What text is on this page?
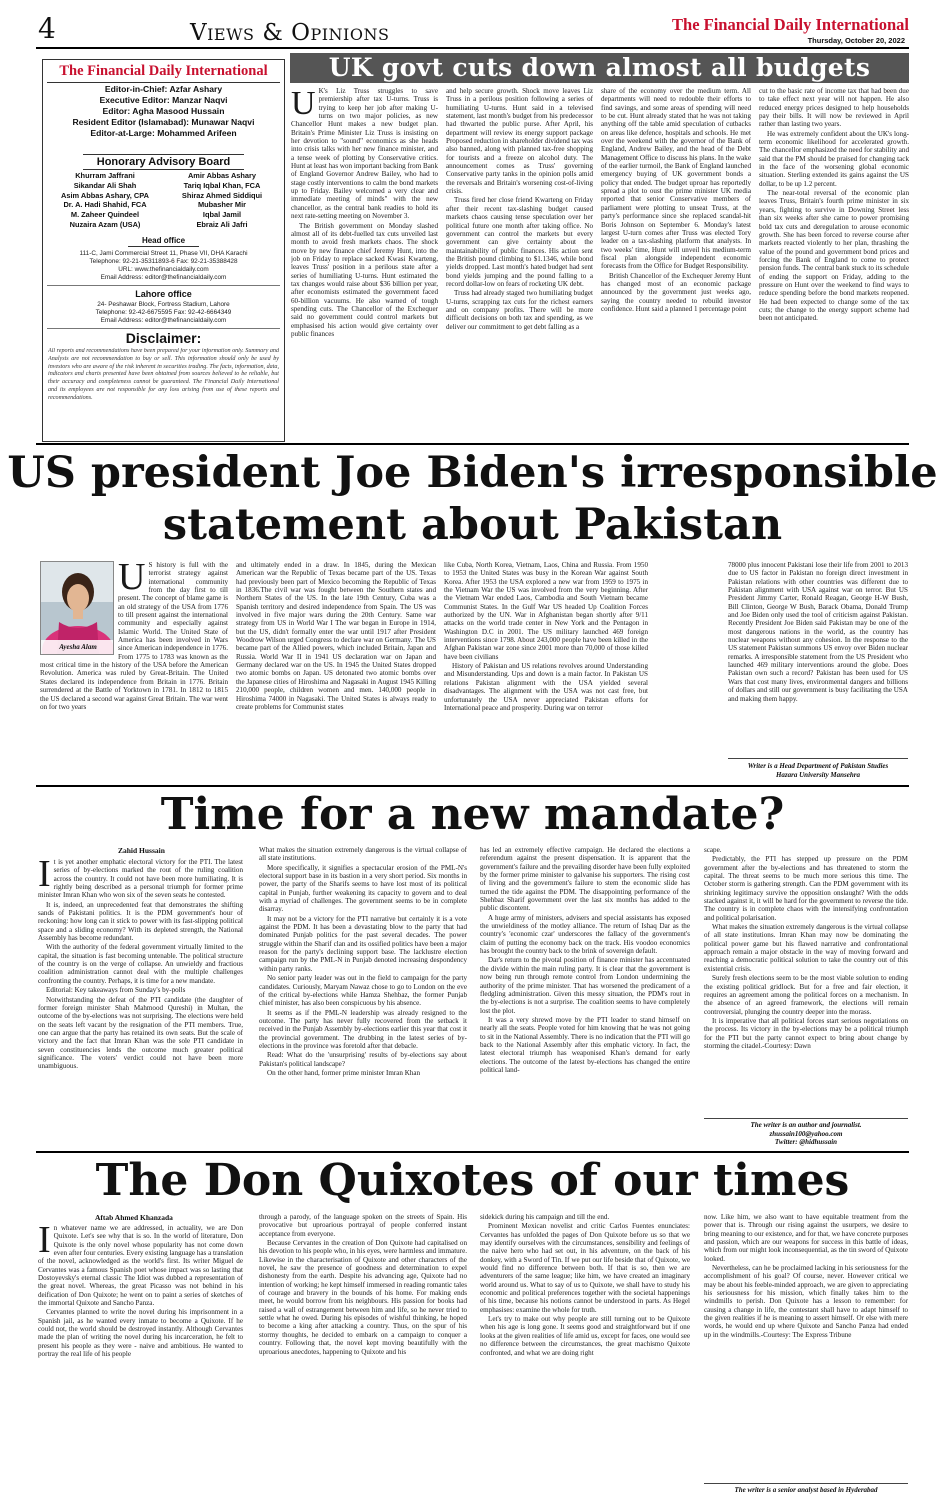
4	Views & Opinions	The Financial Daily International
Thursday, October 20, 2022
The Financial Daily International
Editor-in-Chief: Azfar Ashary
Executive Editor: Manzar Naqvi
Editor: Agha Masood Hussain
Resident Editor (Islamabad): Munawar Naqvi
Editor-at-Large: Mohammed Arifeen
Honorary Advisory Board
Khurram Jaffrani
Sikandar Ali Shah
Asim Abbas Ashary, CPA
Dr. A. Hadi Shahid, FCA
M. Zaheer Quindeel
Nuzaira Azam (USA)
Amir Abbas Ashary
Tariq Iqbal Khan, FCA
Shiraz Ahmed Siddiqui
Mubasher Mir
Iqbal Jamil
Ebraiz Ali Jafri
Head office
111-C, Jami Commercial Street 11, Phase VII, DHA Karachi
Telephone: 92-21-35311893-6 Fax: 92-21-35388428
URL: www.thefinancialdaily.com
Email Address: editor@thefinancialdaily.com
Lahore office
24- Peshawar Block, Fortress Stadium, Lahore
Telephone: 92-42-6675595 Fax: 92-42-6664349
Email Address: editor@thefinancialdaily.com
Disclaimer:
All reports and recommendations have been prepared for your information only. Summary and Analysis are not recommendation to buy or sell. This information should only be used by investors who are aware of the risk inherent in securities trading. The facts, information, data, indicators and charts presented have been obtained from sources believed to be reliable, but their accuracy and completeness cannot be guaranteed. The Financial Daily International and its employees are not responsible for any loss arising from use of these reports and recommendations.
UK govt cuts down almost all budgets
U K's Liz Truss struggles to save premiership after tax U-turns. Truss is trying to keep her job after making U-turns on two major policies, as new Chancellor Hunt makes a new budget plan. Britain's Prime Minister Liz Truss is insisting on her devotion to "sound" economics as she heads into crisis talks with her new finance minister, and a tense week of plotting by Conservative critics. Hunt at least has won important backing from Bank of England Governor Andrew Bailey, who had to stage costly interventions to calm the bond markets up to Friday. Bailey welcomed a very clear and immediate meeting of minds" with the new chancellor, as the central bank readies to hold its next rate-setting meeting on November 3.

The British government on Monday slashed almost all of its debt-fuelled tax cuts unveiled last month to avoid fresh markets chaos. The shock move by new finance chief Jeremy Hunt, into the job on Friday to replace sacked Kwasi Kwarteng, leaves Truss' position in a perilous state after a series of humiliating U-turns. Hunt estimated the tax changes would raise about $36 billion per year, after economists estimated the government faced 60-billion vacuums. He also warned of tough spending cuts. The Chancellor of the Exchequer said no government could control markets but emphasised his action would give certainty over public finances

and help secure growth. Shock move leaves Liz Truss in a perilous position following a series of humiliating U-turns. Hunt said in a televised statement, last month's budget from his predecessor had thwarted the public purse. After April, his department will review its energy support package Proposed reduction in shareholder dividend tax was also banned, along with planned tax-free shopping for tourists and a freeze on alcohol duty. The announcement comes as Truss' governing Conservative party tanks in the opinion polls amid the reversals and Britain's worsening cost-of-living crisis.

Truss fired her close friend Kwarteng on Friday after their recent tax-slashing budget caused markets chaos causing tense speculation over her political future one month after taking office. No government can control the markets but every government can give certainty about the maintainability of public finances. His action sent the British pound climbing to $1.1346, while bond yields dropped. Last month's hated budget had sent bond yields jumping and the pound falling to a record dollar-low on fears of rocketing UK debt.

Truss had already staged two humiliating budget U-turns, scrapping tax cuts for the richest earners and on company profits. There will be more difficult decisions on both tax and spending, as we deliver our commitment to get debt falling as a

share of the economy over the medium term. All departments will need to redouble their efforts to find savings, and some areas of spending will need to be cut. Hunt already stated that he was not taking anything off the table amid speculation of cutbacks on areas like defence, hospitals and schools. He met over the weekend with the governor of the Bank of England, Andrew Bailey, and the head of the Debt Management Office to discuss his plans. In the wake of the earlier turmoil, the Bank of England launched emergency buying of UK government bonds a policy that ended. The budget uproar has reportedly spread a plot to oust the prime minister UK media reported that senior Conservative members of parliament were plotting to unseat Truss, at the party's performance since she replaced scandal-hit Boris Johnson on September 6. Monday's latest largest U-turn comes after Truss was elected Tory leader on a tax-slashing platform that analysts. In two weeks' time, Hunt will unveil his medium-term fiscal plan alongside independent economic forecasts from the Office for Budget Responsibility.

British Chancellor of the Exchequer Jeremy Hunt has changed most of an economic package announced by the government just weeks ago, saying the country needed to rebuild investor confidence. Hunt said a planned 1 percentage point

cut to the basic rate of income tax that had been due to take effect next year will not happen. He also reduced energy prices designed to help households pay their bills. It will now be reviewed in April rather than lasting two years.

He was extremely confident about the UK's long-term economic likelihood for accelerated growth. The chancellor emphasized the need for stability and said that the PM should be praised for changing tack in the face of the worsening global economic situation. Sterling extended its gains against the US dollar, to be up 1.2 percent.

The near-total reversal of the economic plan leaves Truss, Britain's fourth prime minister in six years, fighting to survive in Downing Street less than six weeks after she came to power promising bold tax cuts and deregulation to arouse economic growth. She has been forced to reverse course after markets reacted violently to her plan, thrashing the value of the pound and government bond prices and forcing the Bank of England to come to protect pension funds. The central bank stuck to its schedule of ending the support on Friday, adding to the pressure on Hunt over the weekend to find ways to reduce spending before the bond markets reopened. He had been expected to change some of the tax cuts; the change to the energy support scheme had been not anticipated.

US president Joe Biden's irresponsible
statement about Pakistan
Ayesha Alam
U S history is full with the terrorist strategy against international community from the day first to till present. The concept of blame game is an old strategy of the USA from 1776 to till present against the international community and especially against Islamic World. The United State of America has been involved in Wars since American independence in 1776. From 1775 to 1783 was known as the most critical time in the history of the USA before the American Revolution. America was ruled by Great-Britain. The United States declared its independence from Britain in 1776. Britain surrendered at the Battle of Yorktown in 1781. In 1812 to 1815 the US declared a second war against Great Britain. The war went on for two years

and ultimately ended in a draw. In 1845, during the Mexican American war the Republic of Texas became part of the US. Texas had previously been part of Mexico becoming the Republic of Texas in 1836.The civil war was fought between the Southern states and Northern States of the US. In the late 19th Century, Cuba was a Spanish territory and desired independence from Spain. The US was involved in five major wars during the 20th Century. Same war strategy from US in World War I The war began in Europe in 1914, but the US, didn't formally enter the war until 1917 after President Woodrow Wilson urged Congress to declare war on Germany. The US became part of the Allied powers, which included Britain, Japan and Russia. World War II in 1941 US declaration war on Japan and Germany declared war on the US. In 1945 the United States dropped two atomic bombs on Japan. US detonated two atomic bombs over the Japanese cities of Hiroshima and Nagasaki in August 1945 Killing 210,000 people, children women and men. 140,000 people in Hiroshima 74000 in Nagasaki. The United States is always ready to create problems for Communist states

like Cuba, North Korea, Vietnam, Laos, China and Russia. From 1950 to 1953 the United States was busy in the Korean War against South Korea. After 1953 the USA explored a new war from 1959 to 1975 in the Vietnam War the US was involved from the very beginning. After the Vietnam War ended Laos, Cambodia and South Vietnam became Communist States. In the Gulf War US headed Up Coalition Forces authorized by the UN. War in Afghanistan began shortly after 9/11 attacks on the world trade center in New York and the Pentagon in Washington D.C in 2001. The US military launched 469 foreign interventions since 1798. About 243,000 people have been killed in the Afghan Pakistan war zone since 2001 more than 70,000 of those killed have been civilians

History of Pakistan and US relations revolves around Understanding and Misunderstanding. Ups and down is a main factor. In Pakistan US relations Pakistan alignment with the USA yielded several disadvantages. The alignment with the USA was not cast free, but unfortunately the USA never appreciated Pakistan efforts for International peace and prosperity. During war on terror

78000 plus innocent Pakistani lose their life from 2001 to 2013 due to US factor in Pakistan no foreign direct investment in Pakistan relations with other countries was different due to Pakistan alignment with USA against war on terror. But US President Jimmy Carter, Ronald Reagan, George H-W Bush, Bill Clinton, George W Bush, Barack Obama, Donald Trump and Joe Biden only used the tool of criticism against Pakistan. Recently President Joe Biden said Pakistan may be one of the most dangerous nations in the world, as the country has nuclear weapons without any cohesion. In the response to the US statement Pakistan summons US envoy over Biden nuclear remarks. A irresponsible statement from the US President who launched 469 military interventions around the globe. Does Pakistan own such a record? Pakistan has been used for US Wars that cost many lives, environmental dangers and billions of dollars and still our government is busy facilitating the USA and making them happy.

Writer is a Head Department of Pakistan Studies
Hazara University Mansehra
Time for a new mandate?
Zahid Hussain
I t is yet another emphatic electoral victory for the PTI. The latest series of by-elections marked the rout of the ruling coalition across the country. It could not have been more humiliating. It is rightly being described as a personal triumph for former prime minister Imran Khan who won six of the seven seats he contested.

It is, indeed, an unprecedented feat that demonstrates the shifting sands of Pakistani politics. It is the PDM government's hour of reckoning: how long can it stick to power with its fast-slipping political space and a sliding economy? With its depleted strength, the National Assembly has become redundant.

With the authority of the federal government virtually limited to the capital, the situation is fast becoming untenable. The political structure of the country is on the verge of collapse. An unwieldy and fractious coalition administration cannot deal with the multiple challenges confronting the country. Perhaps, it is time for a new mandate.

Editorial: Key takeaways from Sunday's by-polls

Notwithstanding the defeat of the PTI candidate (the daughter of former foreign minister Shah Mahmood Qureshi) in Multan, the outcome of the by-elections was not surprising. The elections were held on the seats left vacant by the resignation of the PTI members. True, one can argue that the party has retained its own seats. But the scale of victory and the fact that Imran Khan was the sole PTI candidate in seven constituencies lends the outcome much greater political significance. The voters' verdict could not have been more unambiguous.

What makes the situation extremely dangerous is the virtual collapse of all state institutions.

More specifically, it signifies a spectacular erosion of the PML-N's electoral support base in its bastion in a very short period. Six months in power, the party of the Sharifs seems to have lost most of its political capital in Punjab, further weakening its capacity to govern and to deal with a myriad of challenges. The government seems to be in complete disarray.

It may not be a victory for the PTI narrative but certainly it is a vote against the PDM. It has been a devastating blow to the party that had dominated Punjab politics for the past several decades. The power struggle within the Sharif clan and its ossified politics have been a major reason for the party's declining support base. The lacklustre election campaign run by the PML-N in Punjab denoted increasing despondency within party ranks.

No senior party leader was out in the field to campaign for the party candidates. Curiously, Maryam Nawaz chose to go to London on the eve of the critical by-elections while Hamza Shehbaz, the former Punjab chief minister, has also been conspicuous by his absence.

It seems as if the PML-N leadership was already resigned to the outcome. The party has never fully recovered from the setback it received in the Punjab Assembly by-elections earlier this year that cost it the provincial government. The drubbing in the latest series of by-elections in the province was foretold after that debacle.

Read: What do the 'unsurprising' results of by-elections say about Pakistan's political landscape?

On the other hand, former prime minister Imran Khan

has led an extremely effective campaign. He declared the elections a referendum against the present dispensation. It is apparent that the government's failure and the prevailing disorder have been fully exploited by the former prime minister to galvanise his supporters. The rising cost of living and the government's failure to stem the economic slide has turned the tide against the PDM. The disappointing performance of the Shehbaz Sharif government over the last six months has added to the public discontent.

A huge army of ministers, advisers and special assistants has exposed the unwieldiness of the motley alliance. The return of Ishaq Dar as the country's 'economic czar' underscores the fallacy of the government's claim of putting the economy back on the track. His voodoo economics has brought the country back to the brink of sovereign default.

Dar's return to the pivotal position of finance minister has accentuated the divide within the main ruling party. It is clear that the government is now being run through remote control from London undermining the authority of the prime minister. That has worsened the predicament of a fledgling administration. Given this messy situation, the PDM's rout in the by-elections is not a surprise. The coalition seems to have completely lost the plot.

It was a very shrewd move by the PTI leader to stand himself on nearly all the seats. People voted for him knowing that he was not going to sit in the National Assembly. There is no indication that the PTI will go back to the National Assembly after this emphatic victory. In fact, the latest electoral triumph has weaponised Khan's demand for early elections. The outcome of the latest by-elections has changed the entire political land-

scape.

Predictably, the PTI has stepped up pressure on the PDM government after the by-elections and has threatened to storm the capital. The threat seems to be much more serious this time. The October storm is gathering strength. Can the PDM government with its shrinking legitimacy survive the opposition onslaught? With the odds stacked against it, it will be hard for the government to reverse the tide. The country is in complete chaos with the intensifying confrontation and political polarisation.

What makes the situation extremely dangerous is the virtual collapse of all state institutions. Imran Khan may now be dominating the political power game but his flawed narrative and confrontational approach remain a major obstacle in the way of moving forward and reaching a democratic political solution to take the country out of this existential crisis.

Surely fresh elections seem to be the most viable solution to ending the existing political gridlock. But for a free and fair election, it requires an agreement among the political forces on a mechanism. In the absence of an agreed framework, the elections will remain controversial, plunging the country deeper into the morass.

It is imperative that all political forces start serious negotiations on the process. Its victory in the by-elections may be a political triumph for the PTI but the party cannot expect to bring about change by storming the citadel.-Courtesy: Dawn

The writer is an author and journalist.
zhussain100@yahoo.com
Twitter: @hidhussain
The Don Quixotes of our times
Aftab Ahmed Khanzada
I n whatever name we are addressed, in actuality, we are Don Quixote. Let's see why that is so. In the world of literature, Don Quixote is the only novel whose popularity has not come down even after four centuries. Every existing language has a translation of the novel, acknowledged as the world's first. Its writer Miguel de Cervantes was a famous Spanish poet whose impact was so lasting that Dostoyevsky's eternal classic The Idiot was dubbed a representation of the great novel. Whereas, the great Picasso was not behind in his deification of Don Quixote; he went on to paint a series of sketches of the immortal Quixote and Sancho Panza.

Cervantes planned to write the novel during his imprisonment in a Spanish jail, as he wanted every inmate to become a Quixote. If he could not, the world should be destroyed instantly. Although Cervantes made the plan of writing the novel during his incarceration, he felt to present his people as they were - naive and ambitious. He wanted to portray the real life of his people

through a parody, of the language spoken on the streets of Spain. His provocative but uproarious portrayal of people conferred instant acceptance from everyone.

Because Cervantes in the creation of Don Quixote had capitalised on his devotion to his people who, in his eyes, were harmless and immature. Likewise in the characterisation of Quixote and other characters of the novel, he saw the presence of goodness and determination to expel dishonesty from the earth. Despite his advancing age, Quixote had no intention of working; he kept himself immersed in reading romantic tales of courage and bravery in the bounds of his home. For making ends meet, he would borrow from his neighbours. His passion for books had raised a wall of estrangement between him and life, so he never tried to settle what he owed. During his episodes of wishful thinking, he hoped to become a king after attacking a country. Thus, on the spur of his stormy thoughts, he decided to embark on a campaign to conquer a country. Following that, the novel kept moving beautifully with the uproarious anecdotes, happening to Quixote and his

sidekick during his campaign and till the end.

Prominent Mexican novelist and critic Carlos Fuentes enunciates: Cervantes has unfolded the pages of Don Quixote before us so that we may identify ourselves with the circumstances, sensibility and feelings of the naive hero who had set out, in his adventure, on the back of his donkey, with a Sword of Tin. If we put our life beside that of Quixote, we would find no difference between both. If that is so, then we are adventurers of the same league; like him, we have created an imaginary world around us. What to say of us to Quixote, we shall have to study his economic and political preferences together with the societal happenings of his time, because his notions cannot be understood in parts. As Hegel emphasises: examine the whole for truth.

Let's try to make out why people are still turning out to be Quixote when his age is long gone. It seems good and straightforward but if one looks at the given realities of life amid us, except for faces, one would see no difference between the circumstances, the great machismo Quixote confronted, and what we are doing right

now. Like him, we also want to have equitable treatment from the power that is. Through our rising against the usurpers, we desire to bring meaning to our existence, and for that, we have concrete purposes and passion, which are our weapons for success in this battle of ideas, which from our might look inconsequential, as the tin sword of Quixote looked.

Nevertheless, can he be proclaimed lacking in his seriousness for the accomplishment of his goal? Of course, never. However critical we may be about his feeble-minded approach, we are given to appreciating his seriousness for his mission, which finally takes him to the windmills to perish. Don Quixote has a lesson to remember: for causing a change in life, the contestant shall have to adapt himself to the given realities if he is meaning to assert himself. Or else with mere words, he would end up where Quixote and Sancho Panza had ended up in the windmills.-Courtesy: The Express Tribune

The writer is a senior analyst based in Hyderabad
